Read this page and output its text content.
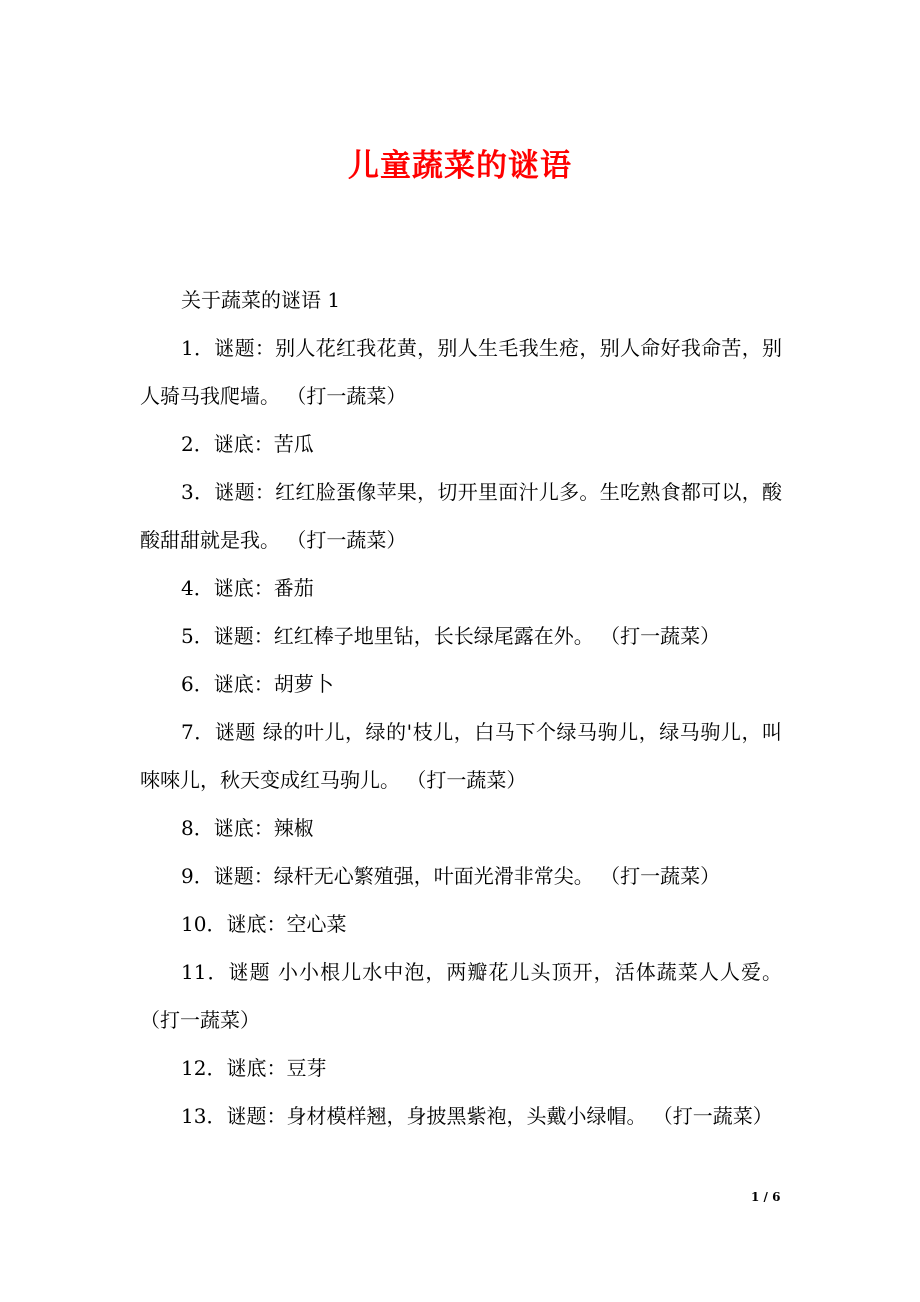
儿童蔬菜的谜语

关于蔬菜的谜语 1

1．谜题：别人花红我花黄，别人生毛我生疮，别人命好我命苦，别人骑马我爬墙。 （打一蔬菜）

2．谜底：苦瓜

3．谜题：红红脸蛋像苹果，切开里面汁儿多。生吃熟食都可以，酸酸甜甜就是我。 （打一蔬菜）

4．谜底：番茄

5．谜题：红红棒子地里钻，长长绿尾露在外。 （打一蔬菜）

6．谜底：胡萝卜

7．谜题 绿的叶儿，绿的'枝儿，白马下个绿马驹儿，绿马驹儿，叫唻唻儿，秋天变成红马驹儿。 （打一蔬菜）

8．谜底：辣椒

9．谜题：绿杆无心繁殖强，叶面光滑非常尖。 （打一蔬菜）

10．谜底：空心菜

11．谜题 小小根儿水中泡，两瓣花儿头顶开，活体蔬菜人人爱。 （打一蔬菜）

12．谜底：豆芽

13．谜题：身材模样翘，身披黑紫袍，头戴小绿帽。 （打一蔬菜）

1 / 6
